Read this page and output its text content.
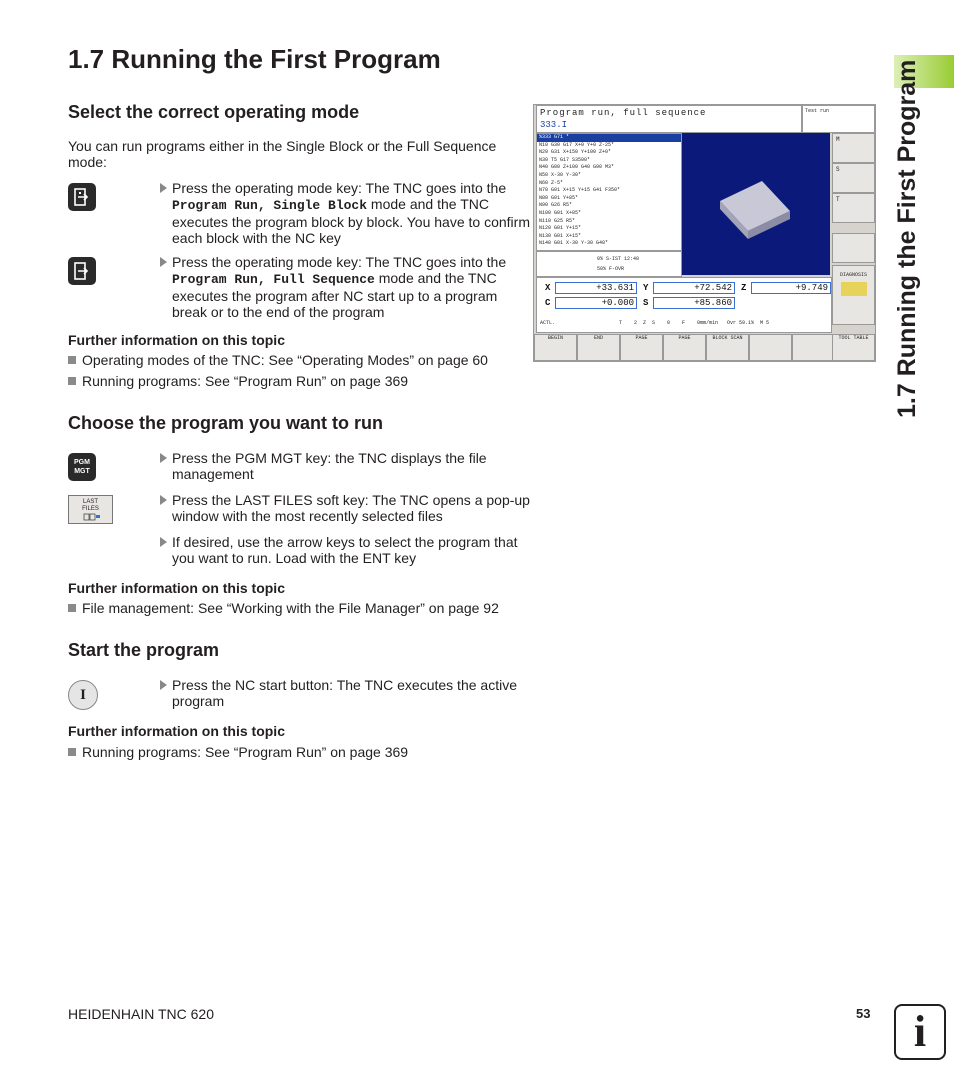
1.7 Running the First Program
1.7 Running the First Program
Select the correct operating mode
You can run programs either in the Single Block or the Full Sequence mode:
Press the operating mode key: The TNC goes into the Program Run, Single Block mode and the TNC executes the program block by block. You have to confirm each block with the NC key
Press the operating mode key: The TNC goes into the Program Run, Full Sequence mode and the TNC executes the program after NC start up to a program break or to the end of the program
Further information on this topic
Operating modes of the TNC: See “Operating Modes” on page 60
Running programs: See “Program Run” on page 369
Choose the program you want to run
PGM
MGT
Press the PGM MGT key: the TNC displays the file management
LAST
FILES
Press the LAST FILES soft key: The TNC opens a pop-up window with the most recently selected files
If desired, use the arrow keys to select the program that you want to run. Load with the ENT key
Further information on this topic
File management: See “Working with the File Manager” on page 92
Start the program
I
Press the NC start button: The TNC executes the active program
Further information on this topic
Running programs: See “Program Run” on page 369
Program run, full sequence
333.I
Test run
%333 G71 *
N10 G30 G17 X+0 Y+0 Z-25*
N20 G31 X+150 Y+100 Z+0*
N30 T5 G17 S3500*
N40 G00 Z+100 G40 G90 M3*
N50 X-30 Y-30*
N60 Z-5*
N70 G01 X+15 Y+15 G41 F350*
N80 G01 Y+85*
N90 G26 R5*
N100 G01 X+85*
N110 G25 R5*
N120 G01 Y+15*
N130 G01 X+15*
N140 G01 X-30 Y-30 G40*
0% S-IST 12:40
50% F-OVR
M
S
T
DIAGNOSIS
X	+33.631	Y	+72.542	Z	+9.749
C	+0.000	S	+85.860
ACTL.	T    2  Z  S    0    F    0mm/min   Ovr 59.1%  M 5
BEGIN	END	PAGE	PAGE	BLOCK SCAN	TOOL TABLE
HEIDENHAIN TNC 620	53 i
